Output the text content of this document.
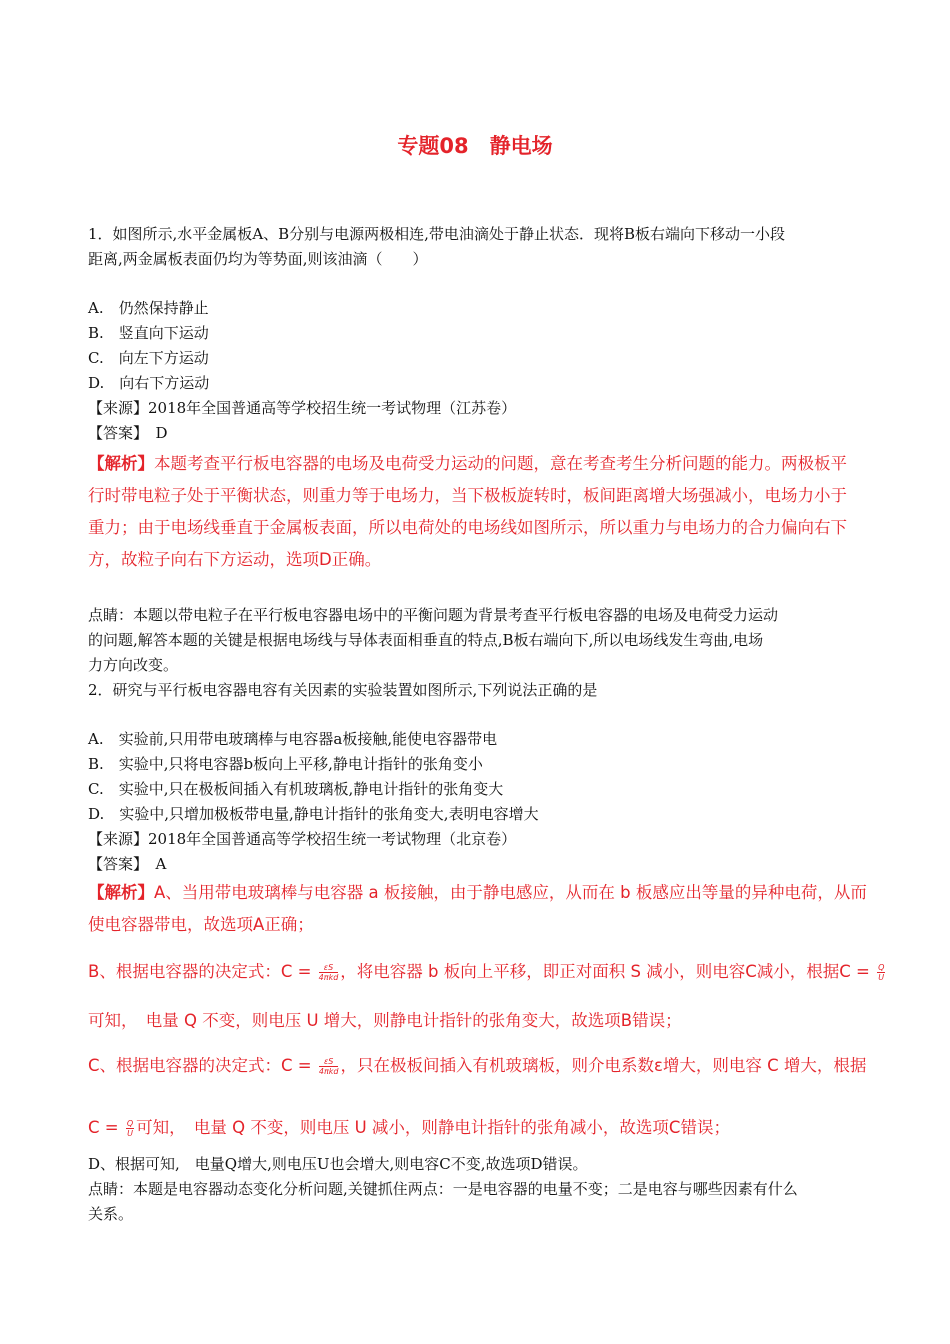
专题08　静电场
1．如图所示,水平金属板A、B分别与电源两极相连,带电油滴处于静止状态．现将B板右端向下移动一小段
距离,两金属板表面仍均为等势面,则该油滴（　　）
A.　仍然保持静止
B.　竖直向下运动
C.　向左下方运动
D.　向右下方运动
【来源】2018年全国普通高等学校招生统一考试物理（江苏卷）
【答案】　D
【解析】本题考查平行板电容器的电场及电荷受力运动的问题，意在考查考生分析问题的能力。两极板平
行时带电粒子处于平衡状态，则重力等于电场力，当下极板旋转时，板间距离增大场强减小，电场力小于
重力；由于电场线垂直于金属板表面，所以电荷处的电场线如图所示，所以重力与电场力的合力偏向右下
方，故粒子向右下方运动，选项D正确。
点睛：本题以带电粒子在平行板电容器电场中的平衡问题为背景考查平行板电容器的电场及电荷受力运动
的问题,解答本题的关键是根据电场线与导体表面相垂直的特点,B板右端向下,所以电场线发生弯曲,电场
力方向改变。
2．研究与平行板电容器电容有关因素的实验装置如图所示,下列说法正确的是
A.　实验前,只用带电玻璃棒与电容器a板接触,能使电容器带电
B.　实验中,只将电容器b板向上平移,静电计指针的张角变小
C.　实验中,只在极板间插入有机玻璃板,静电计指针的张角变大
D.　实验中,只增加极板带电量,静电计指针的张角变大,表明电容增大
【来源】2018年全国普通高等学校招生统一考试物理（北京卷）
【答案】　A
【解析】A、当用带电玻璃棒与电容器 a 板接触，由于静电感应，从而在 b 板感应出等量的异种电荷，从而
使电容器带电，故选项A正确；
B、根据电容器的决定式：$C = \frac{\varepsilon S}{\text{4πkd}}$ ，将电容器 b 板向上平移，即正对面积 S 减小，则电容C减小，根据$C = \frac{Q}{U}$
可知，　电量 Q 不变，则电压 U 增大，则静电计指针的张角变大，故选项B错误；
C、根据电容器的决定式：$C = \frac{\varepsilon S}{\text{4πkd}}$ ，只在极板间插入有机玻璃板，则介电系数ε增大，则电容 C 增大，根据
$C = \frac{Q}{U}$ 可知，　电量 Q 不变，则电压 U 减小，则静电计指针的张角减小，故选项C错误；
D、根据可知,　电量Q增大,则电压U也会增大,则电容C不变,故选项D错误。
点睛：本题是电容器动态变化分析问题,关键抓住两点：一是电容器的电量不变；二是电容与哪些因素有什么
关系。
